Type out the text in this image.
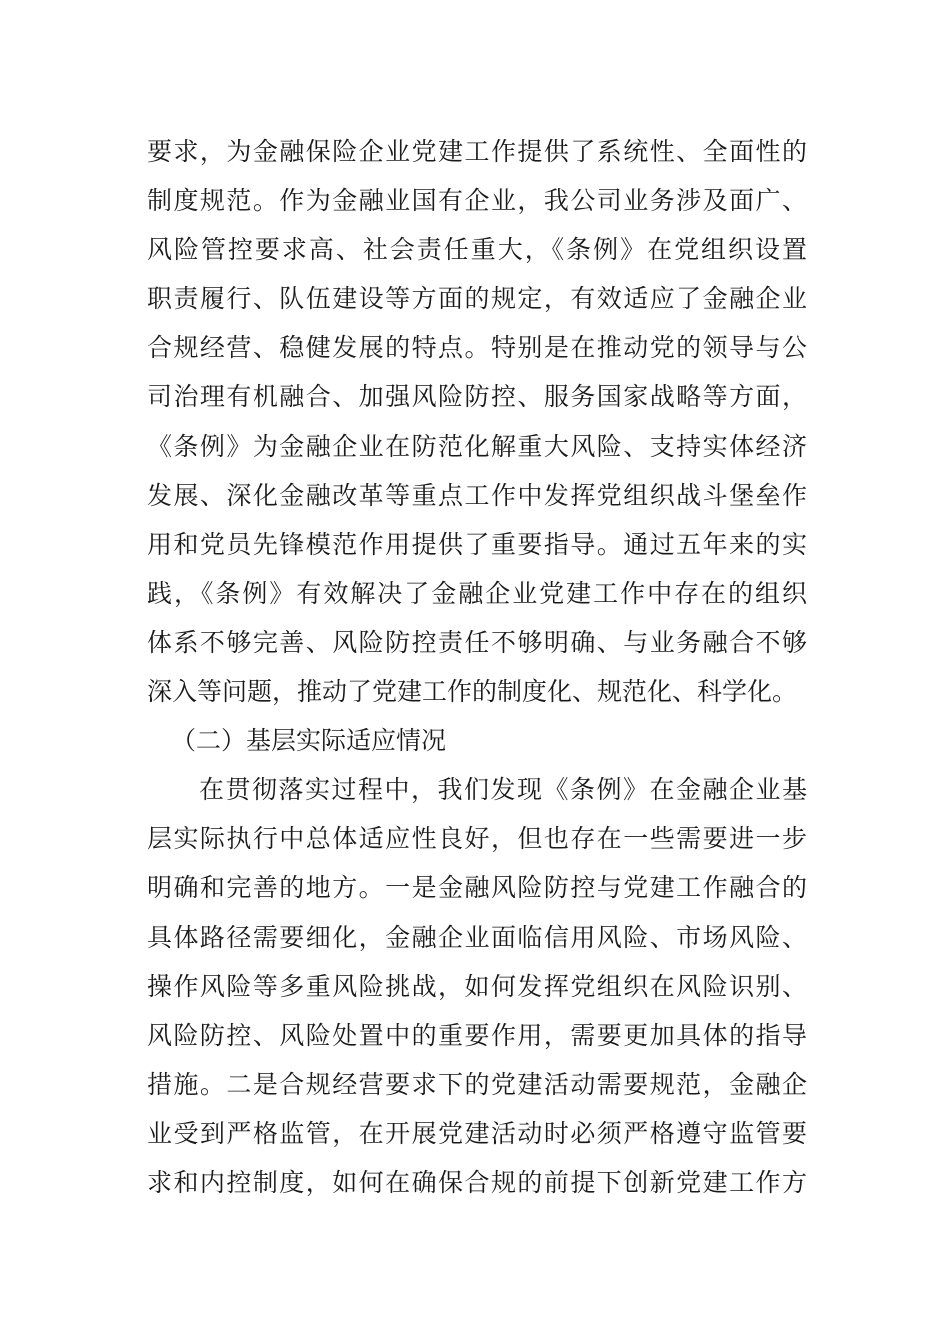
要求，为金融保险企业党建工作提供了系统性、全面性的
制度规范。作为金融业国有企业，我公司业务涉及面广、
风险管控要求高、社会责任重大，《条例》在党组织设置
职责履行、队伍建设等方面的规定，有效适应了金融企业
合规经营、稳健发展的特点。特别是在推动党的领导与公
司治理有机融合、加强风险防控、服务国家战略等方面，
《条例》为金融企业在防范化解重大风险、支持实体经济
发展、深化金融改革等重点工作中发挥党组织战斗堡垒作
用和党员先锋模范作用提供了重要指导。通过五年来的实
践，《条例》有效解决了金融企业党建工作中存在的组织
体系不够完善、风险防控责任不够明确、与业务融合不够
深入等问题，推动了党建工作的制度化、规范化、科学化。
（二）基层实际适应情况
在贯彻落实过程中，我们发现《条例》在金融企业基
层实际执行中总体适应性良好，但也存在一些需要进一步
明确和完善的地方。一是金融风险防控与党建工作融合的
具体路径需要细化，金融企业面临信用风险、市场风险、
操作风险等多重风险挑战，如何发挥党组织在风险识别、
风险防控、风险处置中的重要作用，需要更加具体的指导
措施。二是合规经营要求下的党建活动需要规范，金融企
业受到严格监管，在开展党建活动时必须严格遵守监管要
求和内控制度，如何在确保合规的前提下创新党建工作方
